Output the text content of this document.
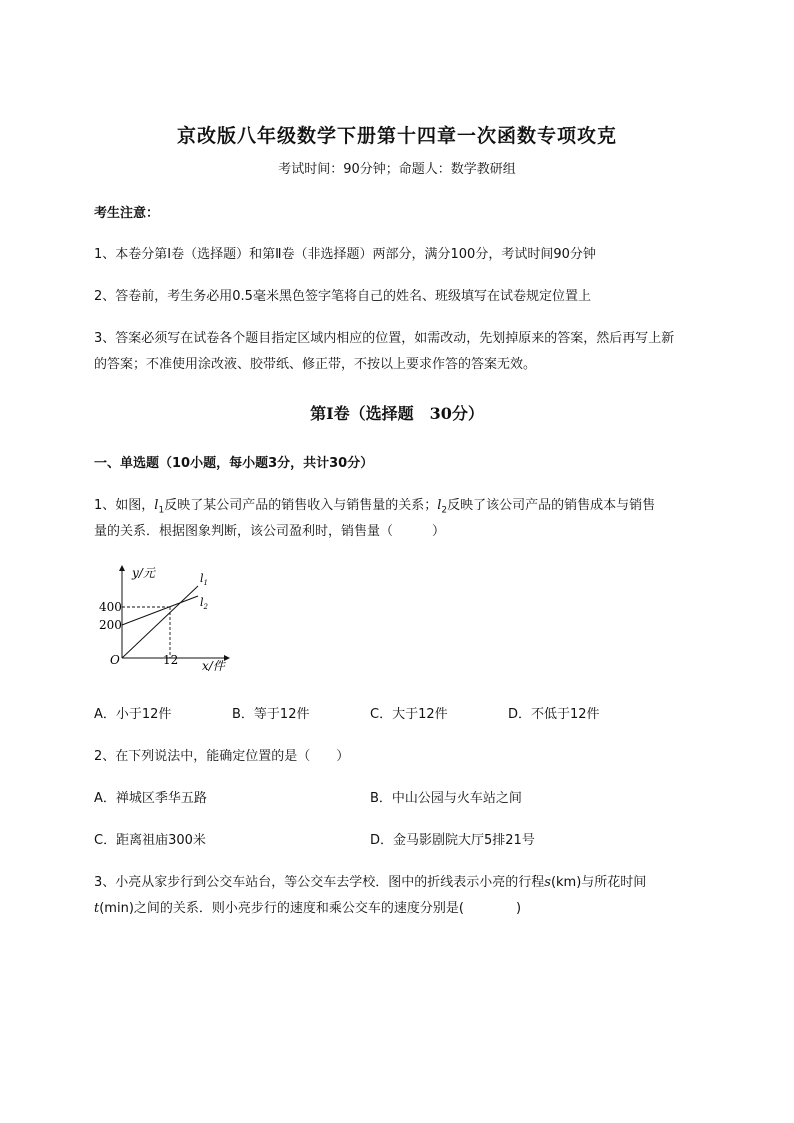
京改版八年级数学下册第十四章一次函数专项攻克
考试时间：90分钟；命题人：数学教研组
考生注意：
1、本卷分第I卷（选择题）和第Ⅱ卷（非选择题）两部分，满分100分，考试时间90分钟
2、答卷前，考生务必用0.5毫米黑色签字笔将自己的姓名、班级填写在试卷规定位置上
3、答案必须写在试卷各个题目指定区域内相应的位置，如需改动，先划掉原来的答案，然后再写上新
的答案；不准使用涂改液、胶带纸、修正带，不按以上要求作答的答案无效。
第I卷（选择题　30分）
一、单选题（10小题，每小题3分，共计30分）
1、如图，$l_1$反映了某公司产品的销售收入与销售量的关系；$l_2$反映了该公司产品的销售成本与销售
量的关系．根据图象判断，该公司盈利时，销售量（　　　）
y/元
x/件
O
400
200
12
$l_1$
$l_2$
A．小于12件	B．等于12件	C．大于12件	D．不低于12件
2、在下列说法中，能确定位置的是（　　）
A．禅城区季华五路	B．中山公园与火车站之间
C．距离祖庙300米	D．金马影剧院大厅5排21号
3、小亮从家步行到公交车站台，等公交车去学校．图中的折线表示小亮的行程s(km)与所花时间
t(min)之间的关系．则小亮步行的速度和乘公交车的速度分别是(　　　　)
